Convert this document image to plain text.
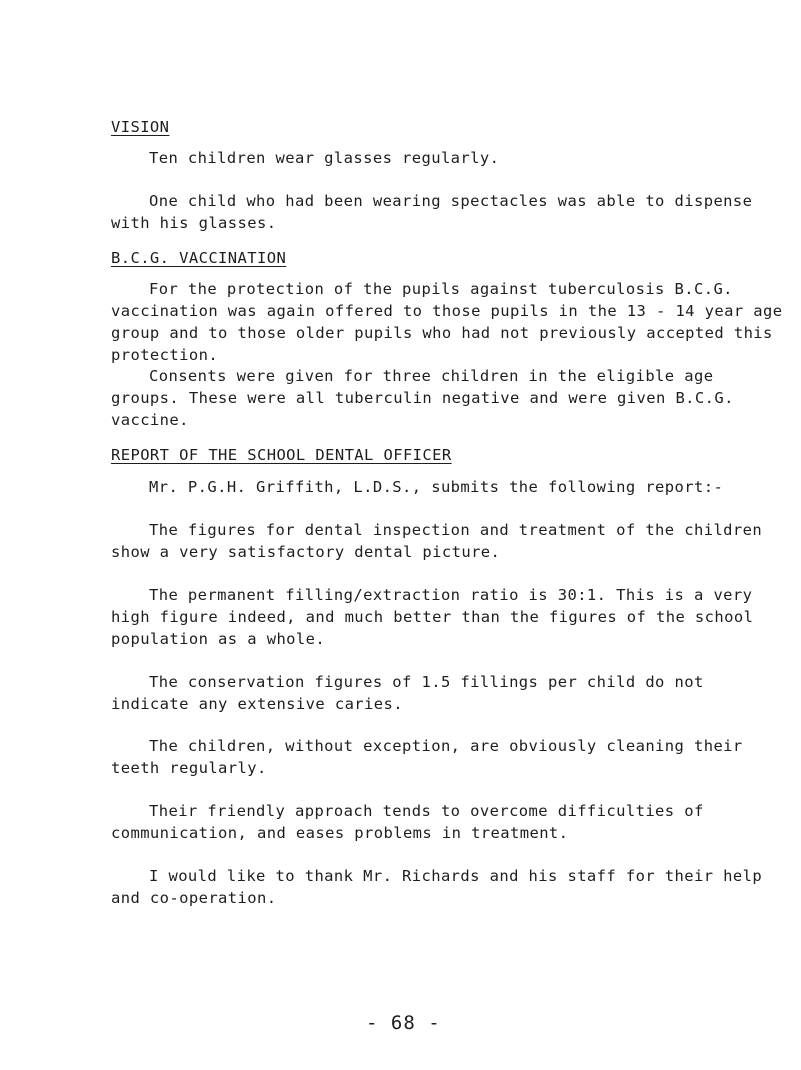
VISION

Ten children wear glasses regularly.

One child who had been wearing spectacles was able to dispense with his glasses.

B.C.G. VACCINATION

For the protection of the pupils against tuberculosis B.C.G. vaccination was again offered to those pupils in the 13 - 14 year age group and to those older pupils who had not previously accepted this protection.

Consents were given for three children in the eligible age groups. These were all tuberculin negative and were given B.C.G. vaccine.

REPORT OF THE SCHOOL DENTAL OFFICER

Mr. P.G.H. Griffith, L.D.S., submits the following report:-

The figures for dental inspection and treatment of the children show a very satisfactory dental picture.

The permanent filling/extraction ratio is 30:1. This is a very high figure indeed, and much better than the figures of the school population as a whole.

The conservation figures of 1.5 fillings per child do not indicate any extensive caries.

The children, without exception, are obviously cleaning their teeth regularly.

Their friendly approach tends to overcome difficulties of communication, and eases problems in treatment.

I would like to thank Mr. Richards and his staff for their help and co-operation.

- 68 -
